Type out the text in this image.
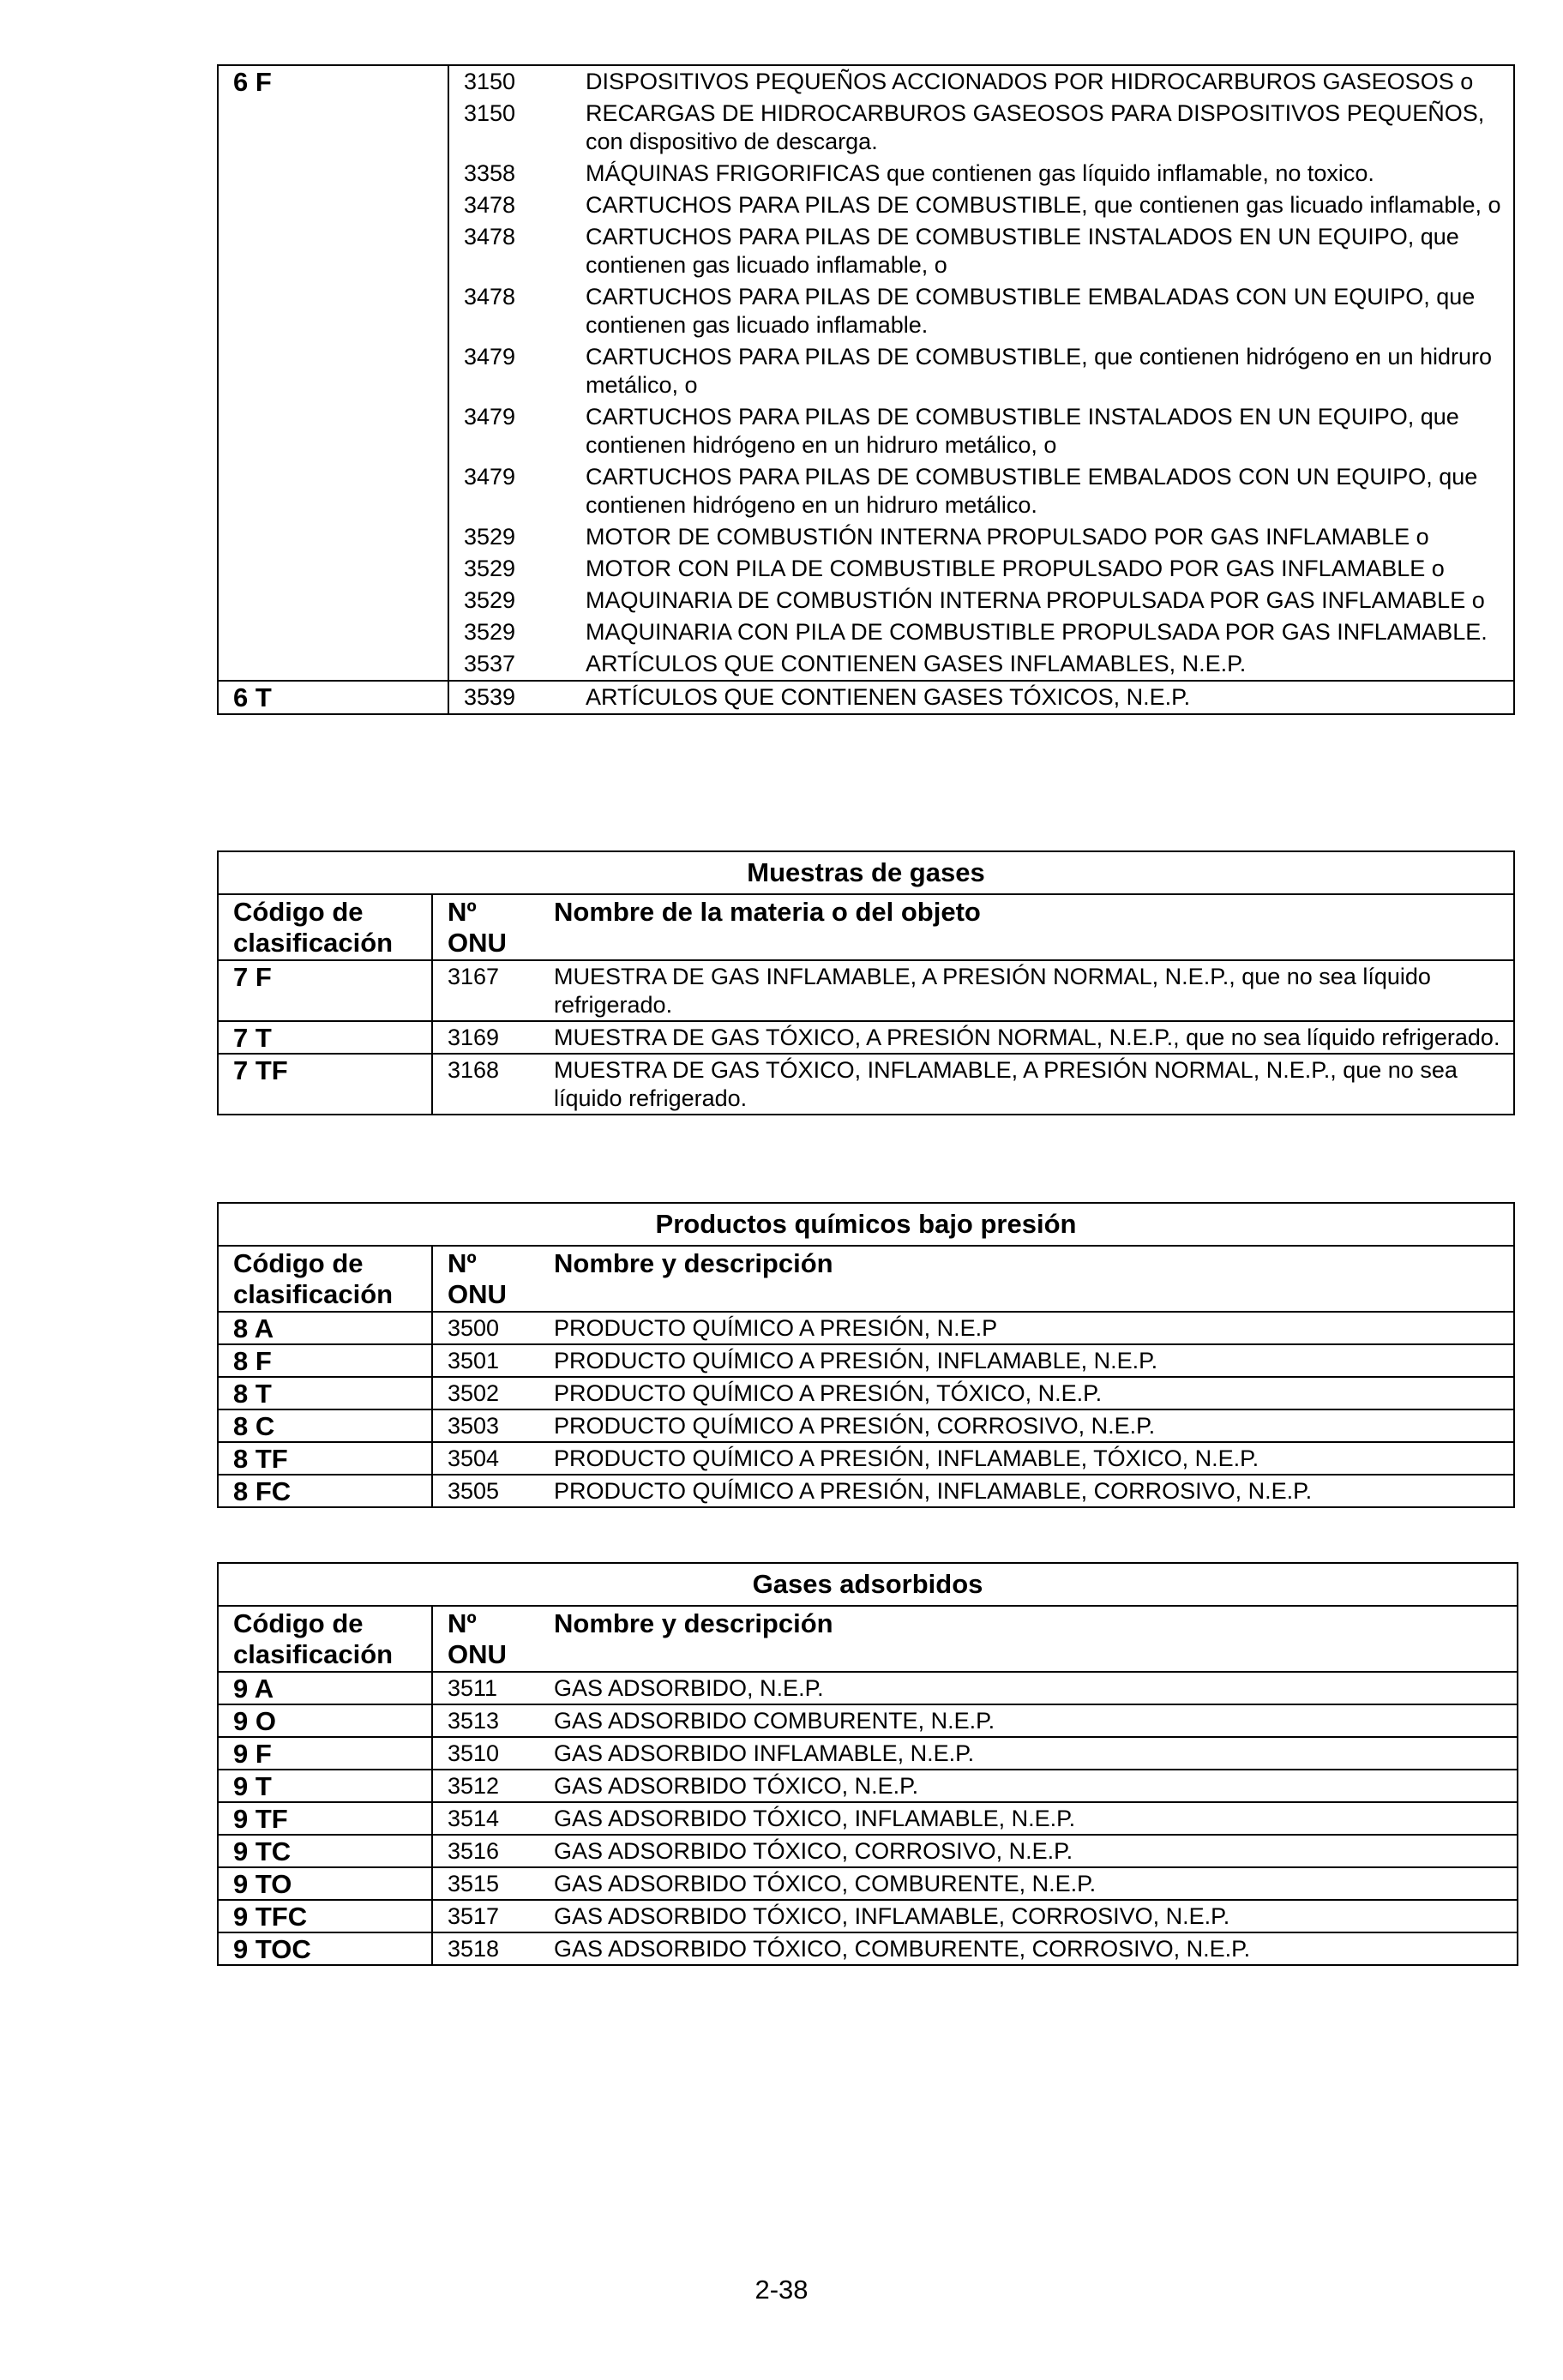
6 F	3150	DISPOSITIVOS PEQUEÑOS ACCIONADOS POR HIDROCARBUROS GASEOSOS o
	3150	RECARGAS DE HIDROCARBUROS GASEOSOS PARA DISPOSITIVOS PEQUEÑOS, con dispositivo de descarga.
	3358	MÁQUINAS FRIGORIFICAS que contienen gas líquido inflamable, no toxico.
	3478	CARTUCHOS PARA PILAS DE COMBUSTIBLE, que contienen gas licuado inflamable, o
	3478	CARTUCHOS PARA PILAS DE COMBUSTIBLE INSTALADOS EN UN EQUIPO, que contienen gas licuado inflamable, o
	3478	CARTUCHOS PARA PILAS DE COMBUSTIBLE EMBALADAS CON UN EQUIPO, que contienen gas licuado inflamable.
	3479	CARTUCHOS PARA PILAS DE COMBUSTIBLE, que contienen hidrógeno en un hidruro metálico, o
	3479	CARTUCHOS PARA PILAS DE COMBUSTIBLE INSTALADOS EN UN EQUIPO, que contienen hidrógeno en un hidruro metálico, o
	3479	CARTUCHOS PARA PILAS DE COMBUSTIBLE EMBALADOS CON UN EQUIPO, que contienen hidrógeno en un hidruro metálico.
	3529	MOTOR DE COMBUSTIÓN INTERNA PROPULSADO POR GAS INFLAMABLE o
	3529	MOTOR CON PILA DE COMBUSTIBLE PROPULSADO POR GAS INFLAMABLE o
	3529	MAQUINARIA DE COMBUSTIÓN INTERNA PROPULSADA POR GAS INFLAMABLE o
	3529	MAQUINARIA CON PILA DE COMBUSTIBLE PROPULSADA POR GAS INFLAMABLE.
	3537	ARTÍCULOS QUE CONTIENEN GASES INFLAMABLES, N.E.P.
6 T	3539	ARTÍCULOS QUE CONTIENEN GASES TÓXICOS, N.E.P.
Muestras de gases		
Código de clasificación	Nº ONU	Nombre de la materia o del objeto
7 F	3167	MUESTRA DE GAS INFLAMABLE, A PRESIÓN NORMAL, N.E.P., que no sea líquido refrigerado.
7 T	3169	MUESTRA DE GAS TÓXICO, A PRESIÓN NORMAL, N.E.P., que no sea líquido refrigerado.
7 TF	3168	MUESTRA DE GAS TÓXICO, INFLAMABLE, A PRESIÓN NORMAL, N.E.P., que no sea líquido refrigerado.
Productos químicos bajo presión		
Código de clasificación	Nº ONU	Nombre y descripción
8 A	3500	PRODUCTO QUÍMICO A PRESIÓN, N.E.P
8 F	3501	PRODUCTO QUÍMICO A PRESIÓN, INFLAMABLE, N.E.P.
8 T	3502	PRODUCTO QUÍMICO A PRESIÓN, TÓXICO, N.E.P.
8 C	3503	PRODUCTO QUÍMICO A PRESIÓN, CORROSIVO, N.E.P.
8 TF	3504	PRODUCTO QUÍMICO A PRESIÓN, INFLAMABLE, TÓXICO, N.E.P.
8 FC	3505	PRODUCTO QUÍMICO A PRESIÓN, INFLAMABLE, CORROSIVO, N.E.P.
Gases adsorbidos		
Código de clasificación	Nº ONU	Nombre y descripción
9 A	3511	GAS ADSORBIDO, N.E.P.
9 O	3513	GAS ADSORBIDO COMBURENTE, N.E.P.
9 F	3510	GAS ADSORBIDO INFLAMABLE, N.E.P.
9 T	3512	GAS ADSORBIDO TÓXICO, N.E.P.
9 TF	3514	GAS ADSORBIDO TÓXICO, INFLAMABLE, N.E.P.
9 TC	3516	GAS ADSORBIDO TÓXICO, CORROSIVO, N.E.P.
9 TO	3515	GAS ADSORBIDO TÓXICO, COMBURENTE, N.E.P.
9 TFC	3517	GAS ADSORBIDO TÓXICO, INFLAMABLE, CORROSIVO, N.E.P.
9 TOC	3518	GAS ADSORBIDO TÓXICO, COMBURENTE, CORROSIVO, N.E.P.
2-38
